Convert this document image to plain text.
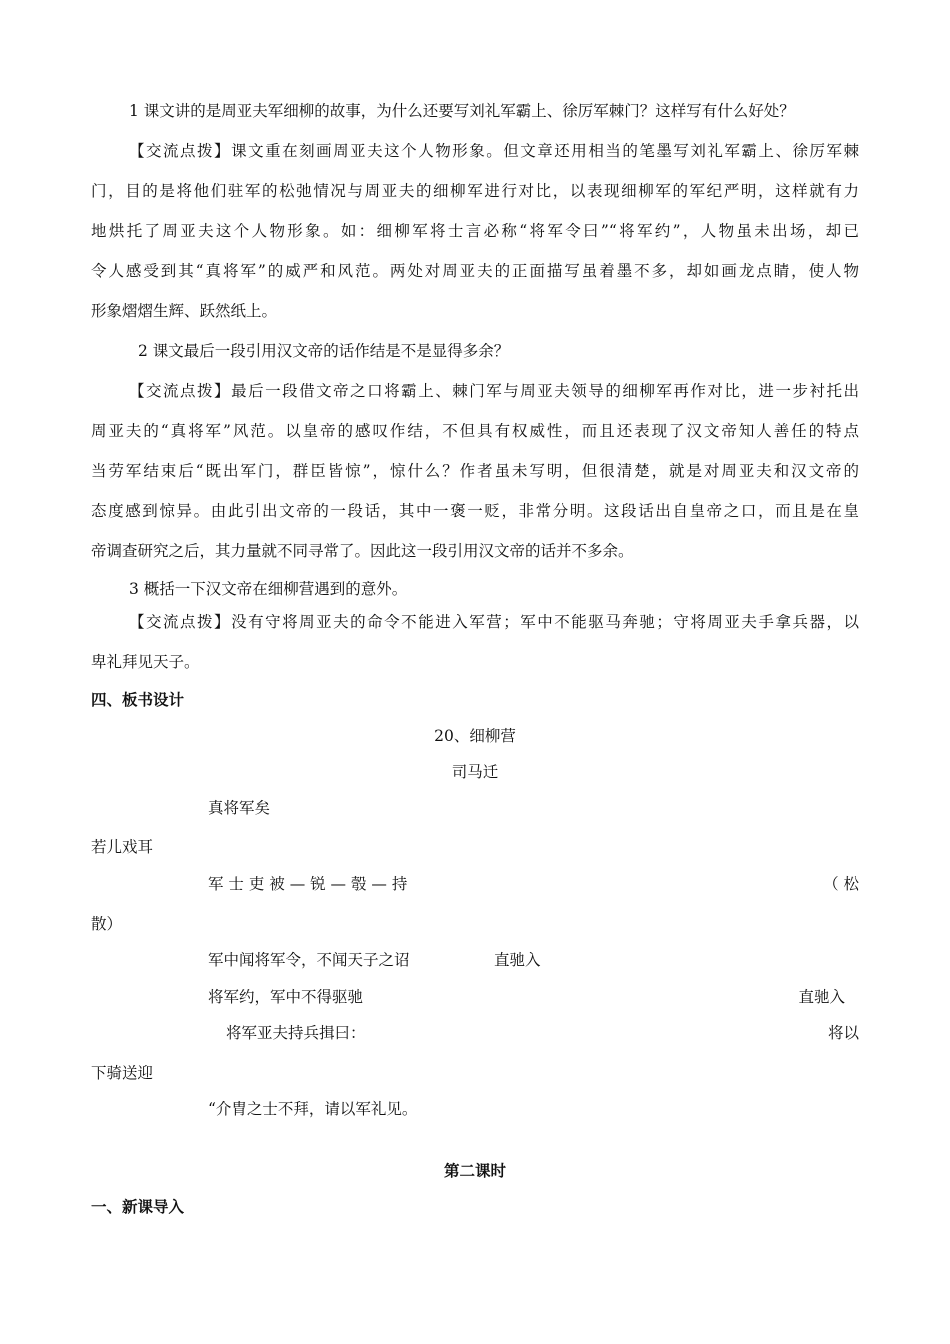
1 课文讲的是周亚夫军细柳的故事，为什么还要写刘礼军霸上、徐厉军棘门？这样写有什么好处？
【交流点拨】课文重在刻画周亚夫这个人物形象。但文章还用相当的笔墨写刘礼军霸上、徐厉军棘
门，目的是将他们驻军的松弛情况与周亚夫的细柳军进行对比，以表现细柳军的军纪严明，这样就有力
地烘托了周亚夫这个人物形象。如：细柳军将士言必称“将军令曰”“将军约”，人物虽未出场，却已
令人感受到其“真将军”的威严和风范。两处对周亚夫的正面描写虽着墨不多，却如画龙点睛，使人物
形象熠熠生辉、跃然纸上。
2 课文最后一段引用汉文帝的话作结是不是显得多余？
【交流点拨】最后一段借文帝之口将霸上、棘门军与周亚夫领导的细柳军再作对比，进一步衬托出
周亚夫的“真将军”风范。以皇帝的感叹作结，不但具有权威性，而且还表现了汉文帝知人善任的特点
当劳军结束后“既出军门，群臣皆惊”，惊什么？作者虽未写明，但很清楚，就是对周亚夫和汉文帝的
态度感到惊异。由此引出文帝的一段话，其中一褒一贬，非常分明。这段话出自皇帝之口，而且是在皇
帝调查研究之后，其力量就不同寻常了。因此这一段引用汉文帝的话并不多余。
3 概括一下汉文帝在细柳营遇到的意外。
【交流点拨】没有守将周亚夫的命令不能进入军营；军中不能驱马奔驰；守将周亚夫手拿兵器，以
卑礼拜见天子。
四、板书设计
20、细柳营
司马迁
真将军矣
若儿戏耳
军 士 吏 被 — 锐 — 彀 — 持	（ 松
散）
军中闻将军令，不闻天子之诏	直驰入
将军约，军中不得驱驰	直驰入
将军亚夫持兵揖曰：	将以
下骑送迎
“介胄之士不拜，请以军礼见。
第二课时
一、新课导入
